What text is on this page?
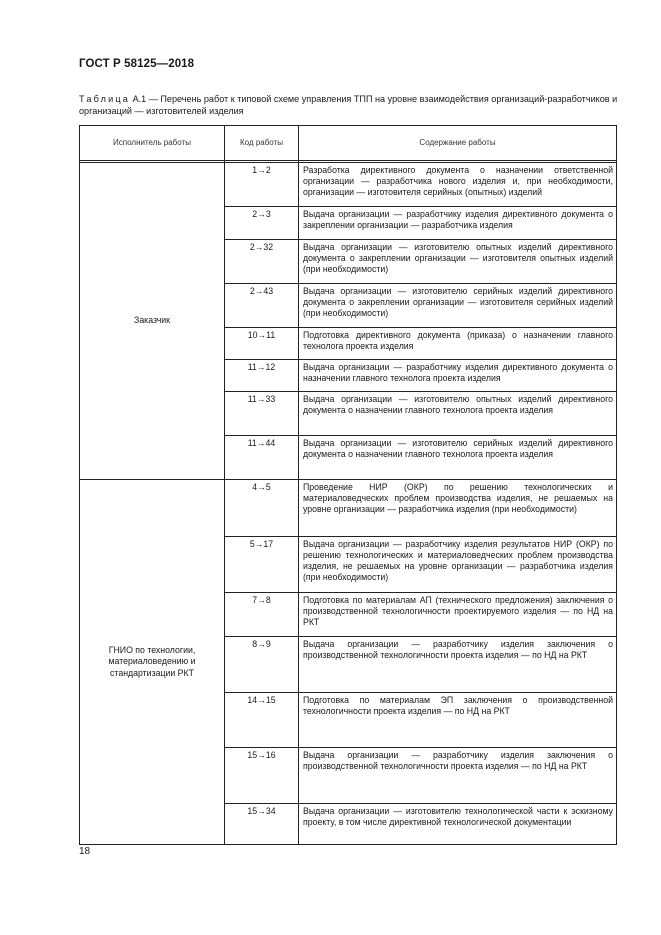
ГОСТ Р 58125—2018
Таблица А.1 — Перечень работ к типовой схеме управления ТПП на уровне взаимодействия организаций-разработчиков и организаций — изготовителей изделия
Исполнитель работы	Код работы	Содержание работы

Заказчик	1→2	Разработка директивного документа о назначении ответственной организации — разработчика нового изделия и, при необходимости, организации — изготовителя серийных (опытных) изделий
	2→3	Выдача организации — разработчику изделия директивного документа о закреплении организации — разработчика изделия
	2→32	Выдача организации — изготовителю опытных изделий директивного документа о закреплении организации — изготовителя опытных изделий (при необходимости)
	2→43	Выдача организации — изготовителю серийных изделий директивного документа о закреплении организации — изготовителя серийных изделий (при необходимости)
	10→11	Подготовка директивного документа (приказа) о назначении главного технолога проекта изделия
	11→12	Выдача организации — разработчику изделия директивного документа о назначении главного технолога проекта изделия
	11→33	Выдача организации — изготовителю опытных изделий директивного документа о назначении главного технолога проекта изделия
	11→44	Выдача организации — изготовителю серийных изделий директивного документа о назначении главного технолога проекта изделия
ГНИО по технологии, материаловедению и стандартизации РКТ	4→5	Проведение НИР (ОКР) по решению технологических и материаловедческих проблем производства изделия, не решаемых на уровне организации — разработчика изделия (при необходимости)
	5→17	Выдача организации — разработчику изделия результатов НИР (ОКР) по решению технологических и материаловедческих проблем производства изделия, не решаемых на уровне организации — разработчика изделия (при необходимости)
	7→8	Подготовка по материалам АП (технического предложения) заключения о производственной технологичности проектируемого изделия — по НД на РКТ
	8→9	Выдача организации — разработчику изделия заключения о производственной технологичности проекта изделия — по НД на РКТ
	14→15	Подготовка по материалам ЭП заключения о производственной технологичности проекта изделия — по НД на РКТ
	15→16	Выдача организации — разработчику изделия заключения о производственной технологичности проекта изделия — по НД на РКТ
	15→34	Выдача организации — изготовителю технологической части к эскизному проекту, в том числе директивной технологической документации
18
